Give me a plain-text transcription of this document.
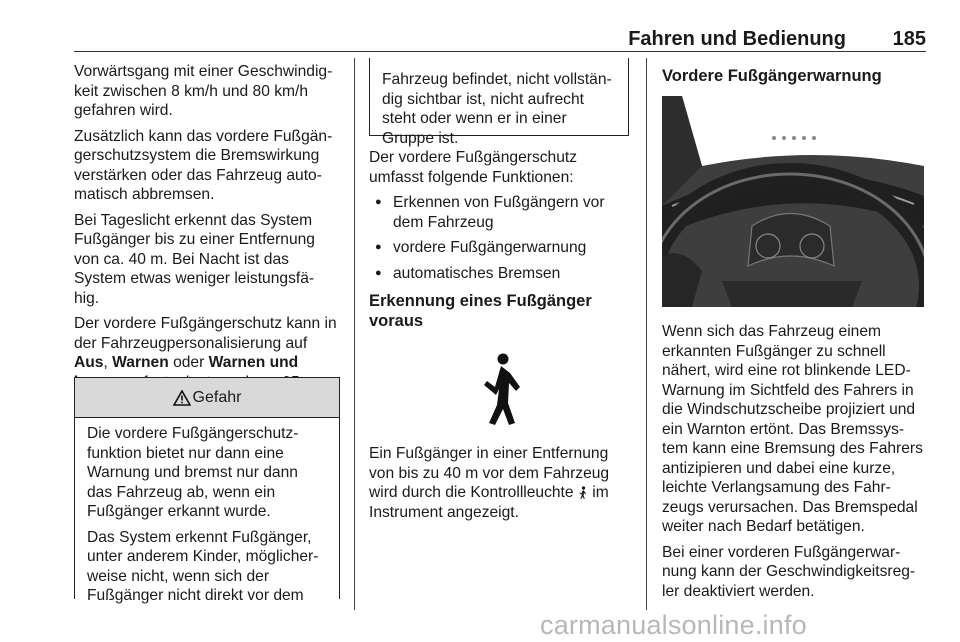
Fahren und Bedienung 185

Vorwärtsgang mit einer Geschwindig- keit zwischen 8 km/h und 80 km/h gefahren wird.

Zusätzlich kann das vordere Fußgän- gerschutzsystem die Bremswirkung verstärken oder das Fahrzeug auto- matisch abbremsen.

Bei Tageslicht erkennt das System Fußgänger bis zu einer Entfernung von ca. 40 m. Bei Nacht ist das System etwas weniger leistungsfä- hig.

Der vordere Fußgängerschutz kann in der Fahrzeugpersonalisierung auf Aus, Warnen oder Warnen und

Gefahr

Die vordere Fußgängerschutz- funktion bietet nur dann eine Warnung und bremst nur dann das Fahrzeug ab, wenn ein Fußgänger erkannt wurde.

Das System erkennt Fußgänger, unter anderem Kinder, möglicher- weise nicht, wenn sich der Fußgänger nicht direkt vor dem

Fahrzeug befindet, nicht vollstän- dig sichtbar ist, nicht aufrecht steht oder wenn er in einer Gruppe ist.

Der vordere Fußgängerschutz umfasst folgende Funktionen:

● Erkennen von Fußgängern vor dem Fahrzeug
● vordere Fußgängerwarnung
● automatisches Bremsen
Erkennung eines Fußgänger voraus

Ein Fußgänger in einer Entfernung von bis zu 40 m vor dem Fahrzeug wird durch die Kontrollleuchte  im Instrument angezeigt.

Vordere Fußgängerwarnung

Wenn sich das Fahrzeug einem erkannten Fußgänger zu schnell nähert, wird eine rot blinkende LED- Warnung im Sichtfeld des Fahrers in die Windschutzscheibe projiziert und ein Warnton ertönt. Das Bremssys- tem kann eine Bremsung des Fahrers antizipieren und dabei eine kurze, leichte Verlangsamung des Fahr- zeugs verursachen. Das Bremspedal weiter nach Bedarf betätigen.

Bei einer vorderen Fußgängerwar- nung kann der Geschwindigkeitsreg- ler deaktiviert werden.

carmanualsonline.info
